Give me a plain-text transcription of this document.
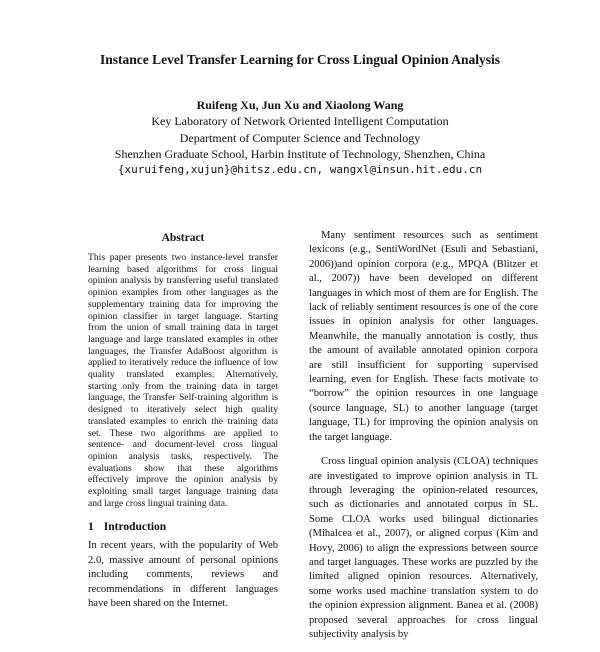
Instance Level Transfer Learning for Cross Lingual Opinion Analysis
Ruifeng Xu, Jun Xu and Xiaolong Wang
Key Laboratory of Network Oriented Intelligent Computation
Department of Computer Science and Technology
Shenzhen Graduate School, Harbin Institute of Technology, Shenzhen, China
{xuruifeng,xujun}@hitsz.edu.cn, wangxl@insun.hit.edu.cn
Abstract

This paper presents two instance-level transfer learning based algorithms for cross lingual opinion analysis by transferring useful translated opinion examples from other languages as the supplementary training data for improving the opinion classifier in target language. Starting from the union of small training data in target language and large translated examples in other languages, the Transfer AdaBoost algorithm is applied to iteratively reduce the influence of low quality translated examples. Alternatively, starting only from the training data in target language, the Transfer Self-training algorithm is designed to iteratively select high quality translated examples to enrich the training data set. These two algorithms are applied to sentence- and document-level cross lingual opinion analysis tasks, respectively. The evaluations show that these algorithms effectively improve the opinion analysis by exploiting small target language training data and large cross lingual training data.

1 Introduction

In recent years, with the popularity of Web 2.0, massive amount of personal opinions including comments, reviews and recommendations in different languages have been shared on the Internet.

Many sentiment resources such as sentiment lexicons (e.g., SentiWordNet (Esuli and Sebastiani, 2006))and opinion corpora (e.g., MPQA (Blitzer et al., 2007)) have been developed on different languages in which most of them are for English. The lack of reliably sentiment resources is one of the core issues in opinion analysis for other languages. Meanwhile, the manually annotation is costly, thus the amount of available annotated opinion corpora are still insufficient for supporting supervised learning, even for English. These facts motivate to “borrow” the opinion resources in one language (source language, SL) to another language (target language, TL) for improving the opinion analysis on the target language.

Cross lingual opinion analysis (CLOA) techniques are investigated to improve opinion analysis in TL through leveraging the opinion-related resources, such as dictionaries and annotated corpus in SL. Some CLOA works used bilingual dictionaries (Mihalcea et al., 2007), or aligned corpus (Kim and Hovy, 2006) to align the expressions between source and target languages. These works are puzzled by the limited aligned opinion resources. Alternatively, some works used machine translation system to do the opinion expression alignment. Banea et al. (2008) proposed several approaches for cross lingual subjectivity analysis by
